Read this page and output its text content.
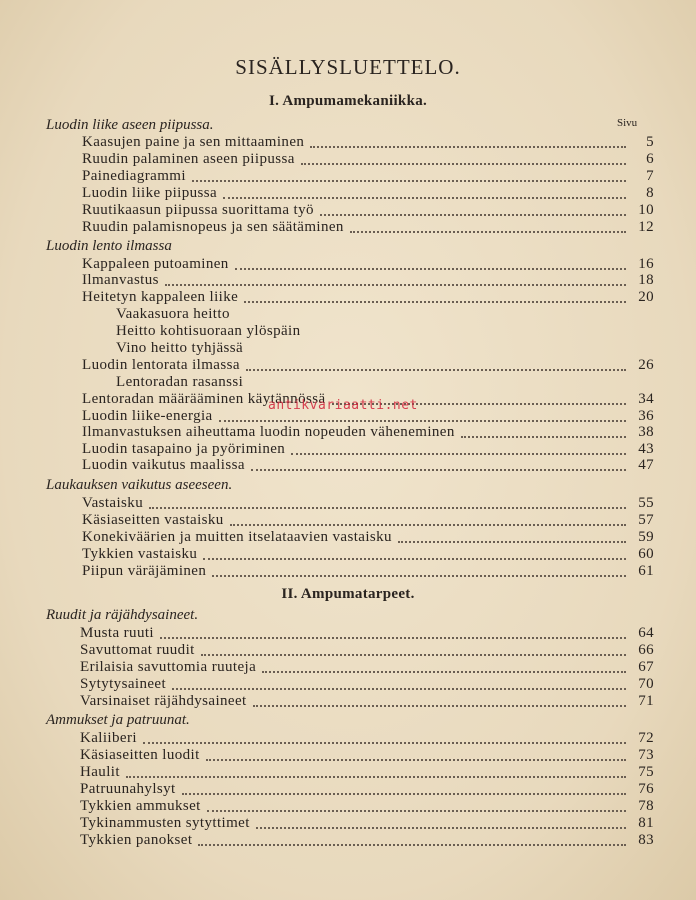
SISÄLLYSLUETTELO.
I. Ampumamekaniikka.
Sivu
Luodin liike aseen piipussa.
Kaasujen paine ja sen mittaaminen	5
Ruudin palaminen aseen piipussa	6
Painediagrammi	7
Luodin liike piipussa	8
Ruutikaasun piipussa suorittama työ	10
Ruudin palamisnopeus ja sen säätäminen	12
Luodin lento ilmassa
Kappaleen putoaminen	16
Ilmanvastus	18
Heitetyn kappaleen liike	20
Vaakasuora heitto
Heitto kohtisuoraan ylöspäin
Vino heitto tyhjässä
Luodin lentorata ilmassa	26
Lentoradan rasanssi
Lentoradan määrääminen käytännössä	34
Luodin liike-energia	36
Ilmanvastuksen aiheuttama luodin nopeuden väheneminen	38
Luodin tasapaino ja pyöriminen	43
Luodin vaikutus maalissa	47
Laukauksen vaikutus aseeseen.
Vastaisku	55
Käsiaseitten vastaisku	57
Konekiväärien ja muitten itselataavien vastaisku	59
Tykkien vastaisku	60
Piipun väräjäminen	61
II. Ampumatarpeet.
Ruudit ja räjähdysaineet.
Musta ruuti	64
Savuttomat ruudit	66
Erilaisia savuttomia ruuteja	67
Sytytysaineet	70
Varsinaiset räjähdysaineet	71
Ammukset ja patruunat.
Kaliiberi	72
Käsiaseitten luodit	73
Haulit	75
Patruunahylsyt	76
Tykkien ammukset	78
Tykinammusten sytyttimet	81
Tykkien panokset	83
antikvariaatti.net
